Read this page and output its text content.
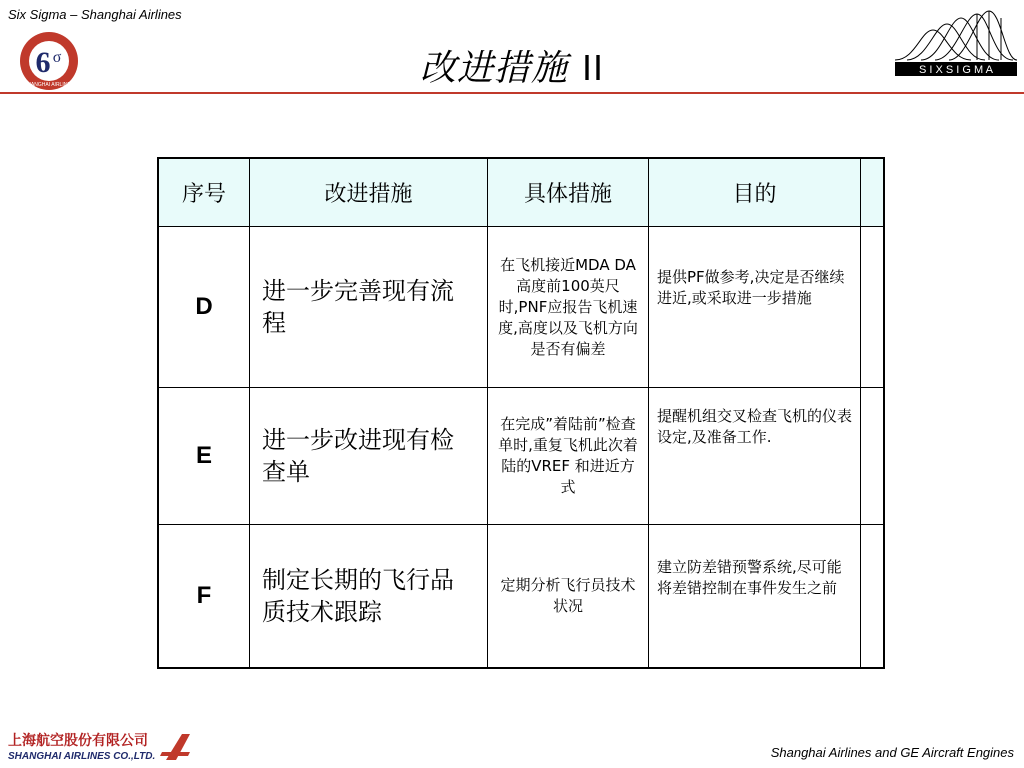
Six Sigma – Shanghai Airlines
6 σ
SHANGHAI AIRLINES	改进措施 II	S I X S I G M A
序号	改进措施	具体措施	目的	
D	进一步完善现有流程	在飞机接近MDA DA高度前100英尺时,PNF应报告飞机速度,高度以及飞机方向是否有偏差	提供PF做参考,决定是否继续进近,或采取进一步措施	

E	进一步改进现有检查单	在完成”着陆前”检查单时,重复飞机此次着陆的VREF 和进近方式	提醒机组交叉检查飞机的仪表设定,及准备工作.	

F	制定长期的飞行品质技术跟踪	定期分析飞行员技术状况	建立防差错预警系统,尽可能将差错控制在事件发生之前	

上海航空股份有限公司
SHANGHAI AIRLINES CO.,LTD.	Shanghai Airlines and GE Aircraft Engines
